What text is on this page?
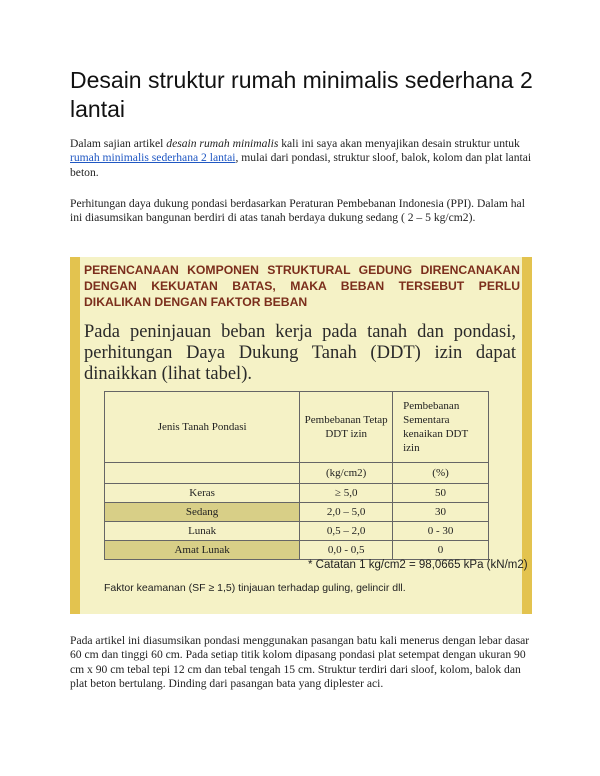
Desain struktur rumah minimalis sederhana 2 lantai

Dalam sajian artikel desain rumah minimalis kali ini saya akan menyajikan desain struktur untuk rumah minimalis sederhana 2 lantai, mulai dari pondasi, struktur sloof, balok, kolom dan plat lantai beton.

Perhitungan daya dukung pondasi berdasarkan Peraturan Pembebanan Indonesia (PPI). Dalam hal ini diasumsikan bangunan berdiri di atas tanah berdaya dukung sedang ( 2 – 5 kg/cm2).

PERENCANAAN KOMPONEN STRUKTURAL GEDUNG DIRENCANAKAN DENGAN KEKUATAN BATAS, MAKA BEBAN TERSEBUT PERLU DIKALIKAN DENGAN FAKTOR BEBAN

Pada peninjauan beban kerja pada tanah dan pondasi, perhitungan Daya Dukung Tanah (DDT) izin dapat dinaikkan (lihat tabel).

Jenis Tanah Pondasi	Pembebanan Tetap DDT izin	Pembebanan Sementara kenaikan DDT izin
	(kg/cm2)	(%)
Keras	≥ 5,0	50
Sedang	2,0 – 5,0	30
Lunak	0,5 – 2,0	0 - 30
Amat Lunak	0,0 - 0,5	0

* Catatan 1 kg/cm2 = 98,0665 kPa (kN/m2)

Faktor keamanan (SF ≥ 1,5) tinjauan terhadap guling, gelincir dll.

Pada artikel ini diasumsikan pondasi menggunakan pasangan batu kali menerus dengan lebar dasar 60 cm dan tinggi 60 cm. Pada setiap titik kolom dipasang pondasi plat setempat dengan ukuran 90 cm x 90 cm tebal tepi 12 cm dan tebal tengah 15 cm. Struktur terdiri dari sloof, kolom, balok dan plat beton bertulang. Dinding dari pasangan bata yang diplester aci.
